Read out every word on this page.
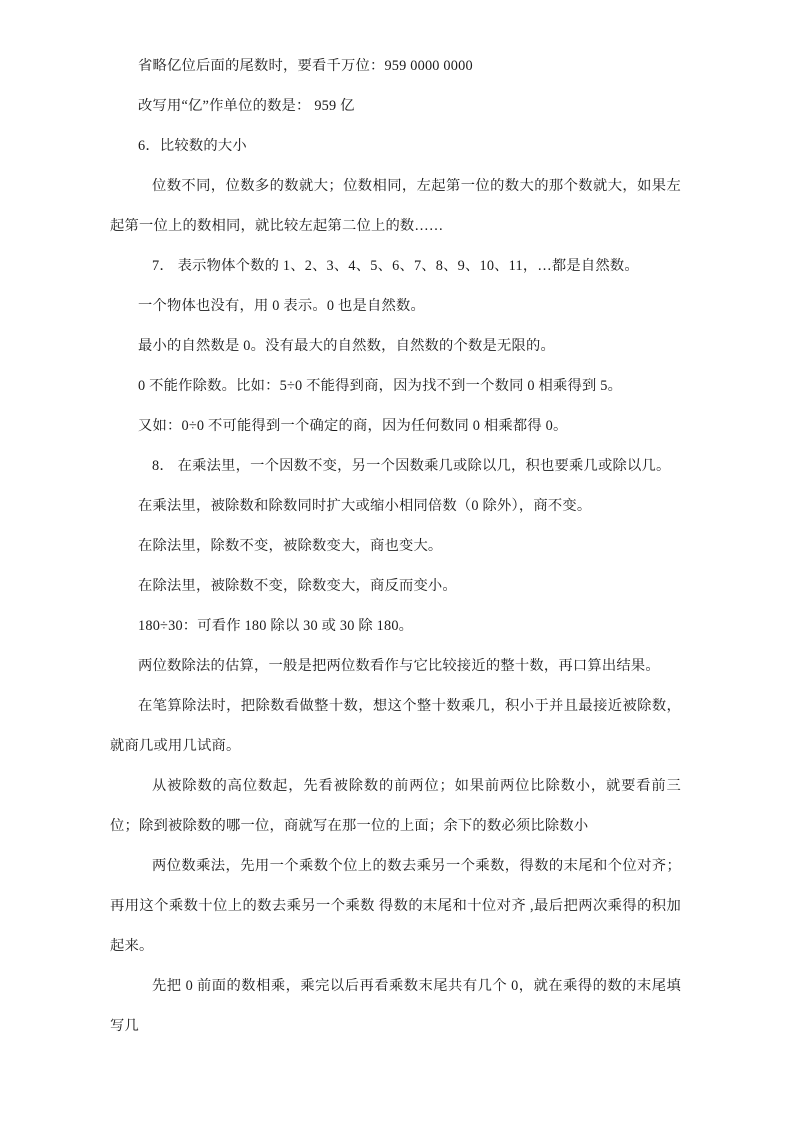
省略亿位后面的尾数时，要看千万位：959 0000 0000

改写用“亿”作单位的数是： 959 亿

6．比较数的大小

位数不同，位数多的数就大；位数相同，左起第一位的数大的那个数就大，如果左起第一位上的数相同，就比较左起第二位上的数……

7． 表示物体个数的 1、2、3、4、5、6、7、8、9、10、11，…都是自然数。

一个物体也没有，用 0 表示。0 也是自然数。

最小的自然数是 0。没有最大的自然数，自然数的个数是无限的。

0 不能作除数。比如：5÷0 不能得到商，因为找不到一个数同 0 相乘得到 5。

又如：0÷0 不可能得到一个确定的商，因为任何数同 0 相乘都得 0。

8． 在乘法里，一个因数不变，另一个因数乘几或除以几，积也要乘几或除以几。

在乘法里，被除数和除数同时扩大或缩小相同倍数（0 除外），商不变。

在除法里，除数不变，被除数变大，商也变大。

在除法里，被除数不变，除数变大，商反而变小。

180÷30：可看作 180 除以 30 或 30 除 180。

两位数除法的估算，一般是把两位数看作与它比较接近的整十数，再口算出结果。

在笔算除法时，把除数看做整十数，想这个整十数乘几，积小于并且最接近被除数，就商几或用几试商。

从被除数的高位数起，先看被除数的前两位；如果前两位比除数小，就要看前三位；除到被除数的哪一位，商就写在那一位的上面；余下的数必须比除数小

两位数乘法，先用一个乘数个位上的数去乘另一个乘数，得数的末尾和个位对齐；再用这个乘数十位上的数去乘另一个乘数 得数的末尾和十位对齐 ,最后把两次乘得的积加起来。

先把 0 前面的数相乘，乘完以后再看乘数末尾共有几个 0，就在乘得的数的末尾填写几
